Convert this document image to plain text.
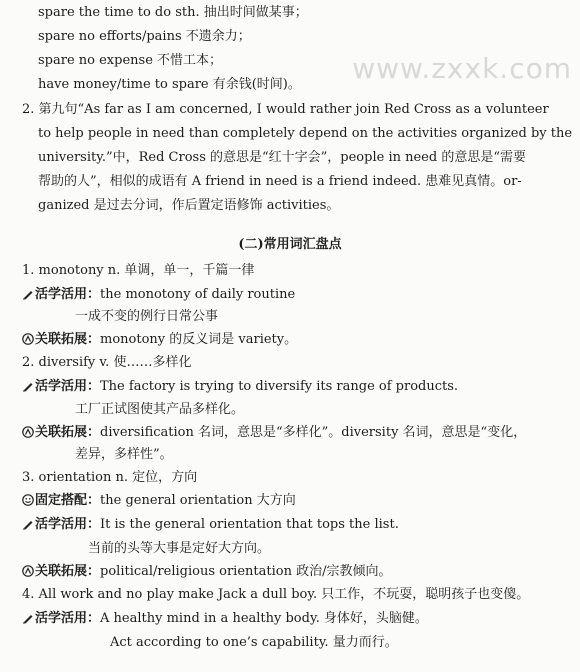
www.zxxk.com
spare the time to do sth. 抽出时间做某事；
spare no efforts/pains 不遗余力；
spare no expense 不惜工本；
have money/time to spare 有余钱(时间)。
2. 第九句“As far as I am concerned, I would rather join Red Cross as a volunteer
to help people in need than completely depend on the activities organized by the
university.”中，Red Cross 的意思是“红十字会”，people in need 的意思是“需要
帮助的人”，相似的成语有 A friend in need is a friend indeed. 患难见真情。or-
ganized 是过去分词，作后置定语修饰 activities。
(二)常用词汇盘点
1. monotony n. 单调，单一，千篇一律
活学活用：the monotony of daily routine
一成不变的例行日常公事
关联拓展：monotony 的反义词是 variety。
2. diversify v. 使……多样化
活学活用：The factory is trying to diversify its range of products.
工厂正试图使其产品多样化。
关联拓展：diversification 名词，意思是“多样化”。diversity 名词，意思是“变化，
差异，多样性”。
3. orientation n. 定位，方向
固定搭配：the general orientation 大方向
活学活用：It is the general orientation that tops the list.
当前的头等大事是定好大方向。
关联拓展：political/religious orientation 政治/宗教倾向。
4. All work and no play make Jack a dull boy. 只工作，不玩耍，聪明孩子也变傻。
活学活用：A healthy mind in a healthy body. 身体好，头脑健。
Act according to one’s capability. 量力而行。
